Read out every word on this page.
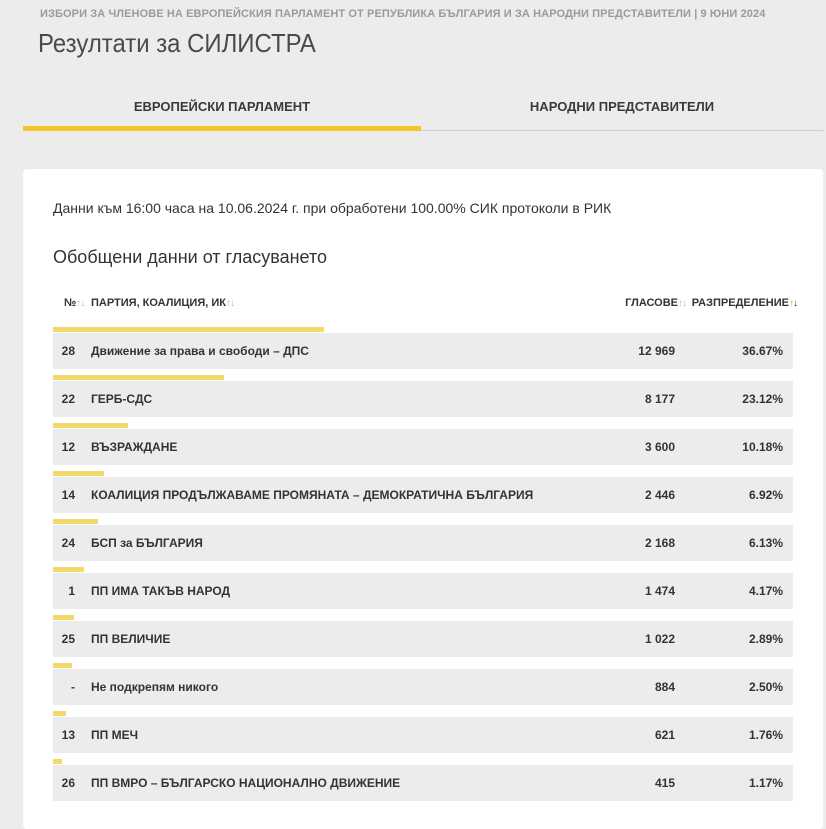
ИЗБОРИ ЗА ЧЛЕНОВЕ НА ЕВРОПЕЙСКИЯ ПАРЛАМЕНТ ОТ РЕПУБЛИКА БЪЛГАРИЯ И ЗА НАРОДНИ ПРЕДСТАВИТЕЛИ | 9 ЮНИ 2024
Резултати за СИЛИСТРА
ЕВРОПЕЙСКИ ПАРЛАМЕНТ	НАРОДНИ ПРЕДСТАВИТЕЛИ
Данни към 16:00 часа на 10.06.2024 г. при обработени 100.00% СИК протоколи в РИК
Обобщени данни от гласуването
№↑↓ ПАРТИЯ, КОАЛИЦИЯ, ИК↑↓	ГЛАСОВЕ↑↓ РАЗПРЕДЕЛЕНИЕ↑↓
28 Движение за права и свободи – ДПС	12 969	36.67%
22 ГЕРБ-СДС	8 177	23.12%
12 ВЪЗРАЖДАНЕ	3 600	10.18%
14 КОАЛИЦИЯ ПРОДЪЛЖАВАМЕ ПРОМЯНАТА – ДЕМОКРАТИЧНА БЪЛГАРИЯ	2 446	6.92%
24 БСП за БЪЛГАРИЯ	2 168	6.13%
1 ПП ИМА ТАКЪВ НАРОД	1 474	4.17%
25 ПП ВЕЛИЧИЕ	1 022	2.89%
- Не подкрепям никого	884	2.50%
13 ПП МЕЧ	621	1.76%
26 ПП ВМРО – БЪЛГАРСКО НАЦИОНАЛНО ДВИЖЕНИЕ	415	1.17%
